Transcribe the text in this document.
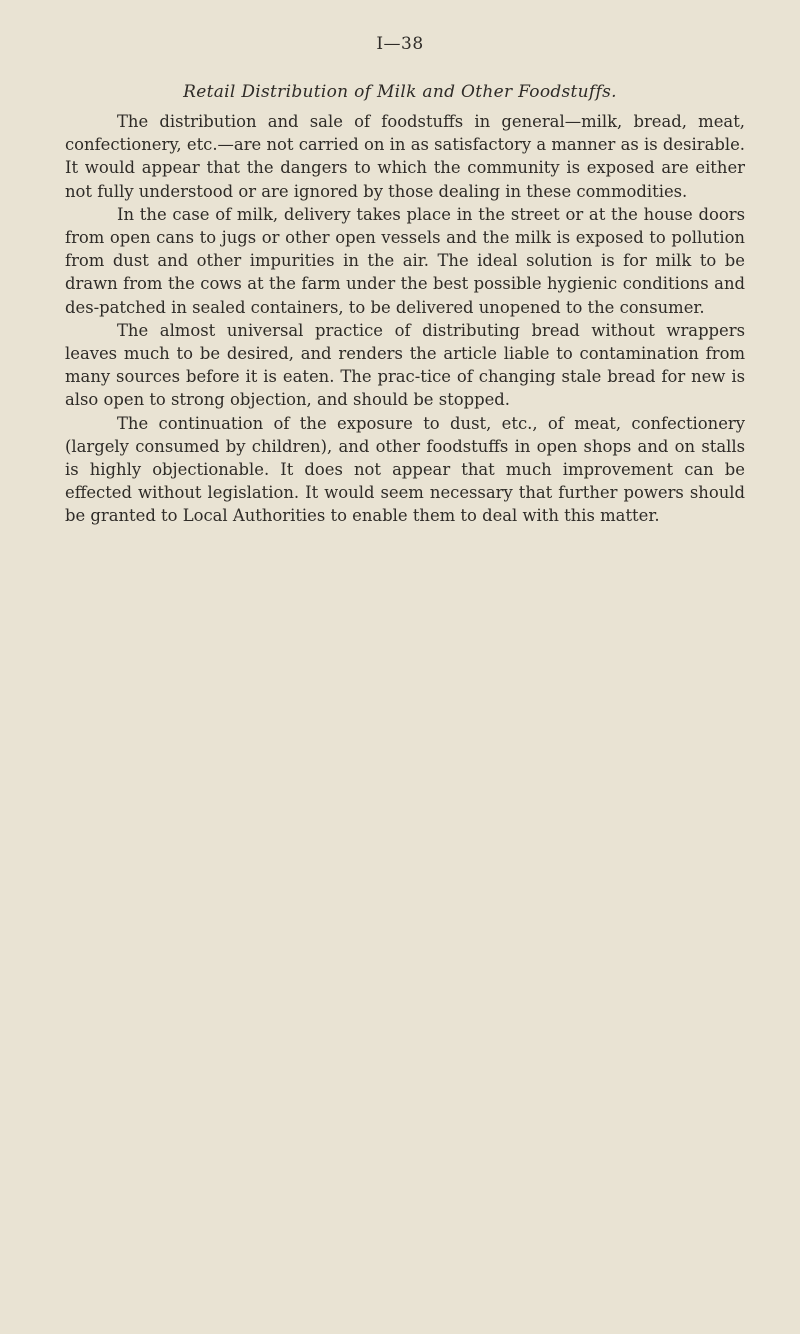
I—38
Retail Distribution of Milk and Other Foodstuffs.

The distribution and sale of foodstuffs in general—milk, bread, meat, confectionery, etc.—are not carried on in as satisfactory a manner as is desirable. It would appear that the dangers to which the community is exposed are either not fully understood or are ignored by those dealing in these commodities.

In the case of milk, delivery takes place in the street or at the house doors from open cans to jugs or other open vessels and the milk is exposed to pollution from dust and other impurities in the air. The ideal solution is for milk to be drawn from the cows at the farm under the best possible hygienic conditions and des-patched in sealed containers, to be delivered unopened to the consumer.

The almost universal practice of distributing bread without wrappers leaves much to be desired, and renders the article liable to contamination from many sources before it is eaten. The prac-tice of changing stale bread for new is also open to strong objection, and should be stopped.

The continuation of the exposure to dust, etc., of meat, confectionery (largely consumed by children), and other foodstuffs in open shops and on stalls is highly objectionable. It does not appear that much improvement can be effected without legislation. It would seem necessary that further powers should be granted to Local Authorities to enable them to deal with this matter.
